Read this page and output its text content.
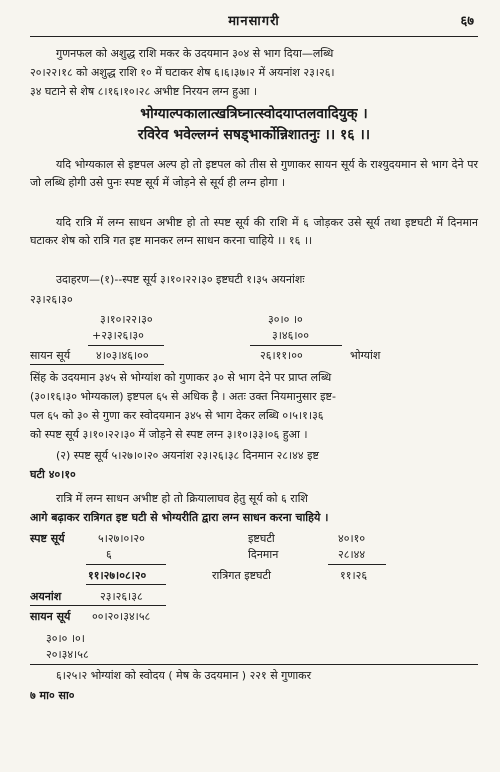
मानसागरी	६७
गुणनफल को अशुद्ध राशि मकर के उदयमान ३०४ से भाग दिया—लब्धि
२०।२२।१८ को अशुद्ध राशि १० में घटाकर शेष ६।६।३७।२ में अयनांश २३।२६।
३४ घटाने से शेष ८।१६।१०।२८ अभीष्ट निरयन लग्न हुआ ।
भोग्याल्पकालात्खत्रिघ्नात्स्वोदयाप्तलवादियुक् ।
रविरेव भवेल्लग्नं सषड्भार्कोन्निशातनुः ।। १६ ।।
यदि भोग्यकाल से इष्टपल अल्प हो तो इष्टपल को तीस से गुणाकर सायन सूर्य के राश्युदयमान से भाग देने पर जो लब्धि होगी उसे पुनः स्पष्ट सूर्य में जोड़ने से सूर्य ही लग्न होगा ।
यदि रात्रि में लग्न साधन अभीष्ट हो तो स्पष्ट सूर्य की राशि में ६ जोड़कर उसे सूर्य तथा इष्टघटी में दिनमान घटाकर शेष को रात्रि गत इष्ट मानकर लग्न साधन करना चाहिये ।। १६ ।।
उदाहरण—(१)--स्पष्ट सूर्य ३।१०।२२।३० इष्टघटी १।३५ अयनांशः
२३।२६।३०
३।१०।२२।३०
+२३।२६।३०
सायन सूर्य ४।०३।४६।००
३०।० ।०
३।४६।००
२६।११।००	भोग्यांश
सिंह के उदयमान ३४५ से भोग्यांश को गुणाकर ३० से भाग देने पर प्राप्त लब्धि
(३०।१६।३० भोग्यकाल) इष्टपल ६५ से अधिक है । अतः उक्त नियमानुसार इष्ट-
पल ६५ को ३० से गुणा कर स्वोदयमान ३४५ से भाग देकर लब्धि ०।५।१।३६
को स्पष्ट सूर्य ३।१०।२२।३० में जोड़ने से स्पष्ट लग्न ३।१०।३३।०६ हुआ ।
(२) स्पष्ट सूर्य ५।२७।०।२० अयनांश २३।२६।३८ दिनमान २८।४४ इष्ट
घटी ४०।१०
रात्रि में लग्न साधन अभीष्ट हो तो क्रियालाघव हेतु सूर्य को ६ राशि
आगे बढ़ाकर रात्रिगत इष्ट घटी से भोग्यरीति द्वारा लग्न साधन करना चाहिये ।
स्पष्ट सूर्य	५।२७।०।२०
६
११।२७।०८।२०
अयनांश	२३।२६।३८
सायन सूर्य ००।२०।३४।५८
इष्टघटी	४०।१०
दिनमान	२८।४४
रात्रिगत इष्टघटी	११।२६
३०।० ।०।
२०।३४।५८
६।२५।२ भोग्यांश को स्वोदय ( मेष के उदयमान ) २२१ से गुणाकर
७ मा० सा०
